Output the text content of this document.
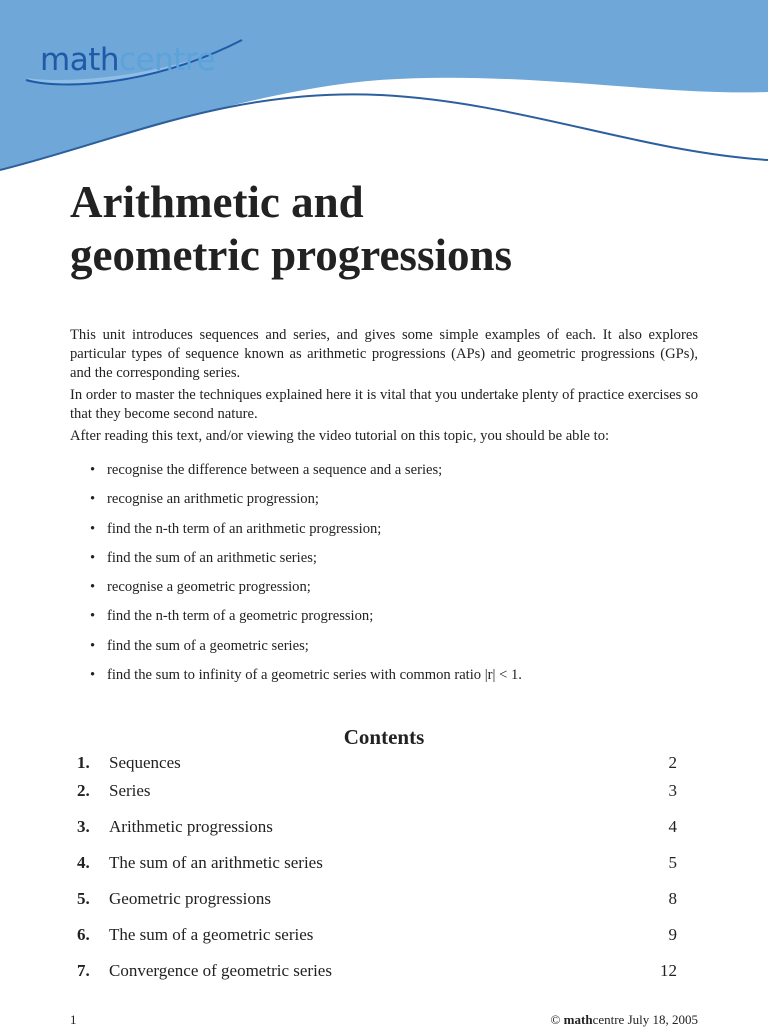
mathcentre
Arithmetic and
geometric progressions

This unit introduces sequences and series, and gives some simple examples of each. It also explores particular types of sequence known as arithmetic progressions (APs) and geometric progressions (GPs), and the corresponding series.

In order to master the techniques explained here it is vital that you undertake plenty of practice exercises so that they become second nature.

After reading this text, and/or viewing the video tutorial on this topic, you should be able to:

• recognise the difference between a sequence and a series;
• recognise an arithmetic progression;
• find the n-th term of an arithmetic progression;
• find the sum of an arithmetic series;
• recognise a geometric progression;
• find the n-th term of a geometric progression;
• find the sum of a geometric series;
• find the sum to infinity of a geometric series with common ratio |r| < 1.
Contents
1. Sequences	2
2. Series	3
3. Arithmetic progressions	4
4. The sum of an arithmetic series	5
5. Geometric progressions	8
6. The sum of a geometric series	9
7. Convergence of geometric series	12
1	© mathcentre July 18, 2005
